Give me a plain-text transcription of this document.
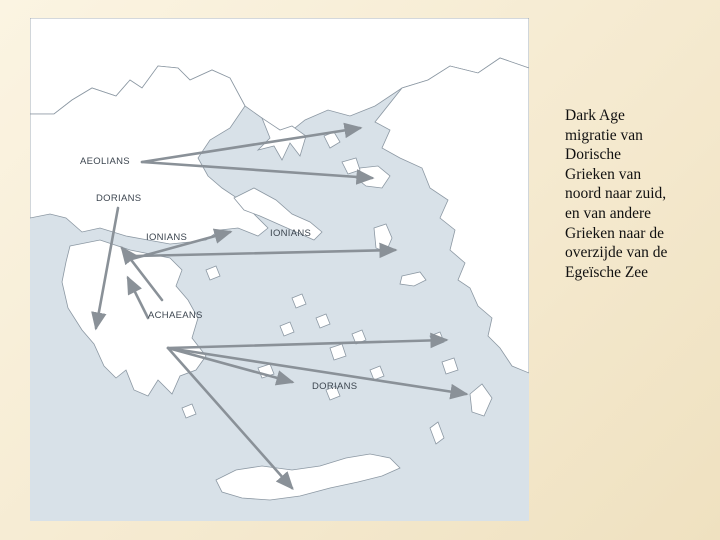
AEOLIANS
DORIANS
IONIANS	IONIANS
ACHAEANS
DORIANS
Dark Age
migratie van
Dorische
Grieken van
noord naar zuid,
en van andere
Grieken naar de
overzijde van de
Egeïsche Zee
